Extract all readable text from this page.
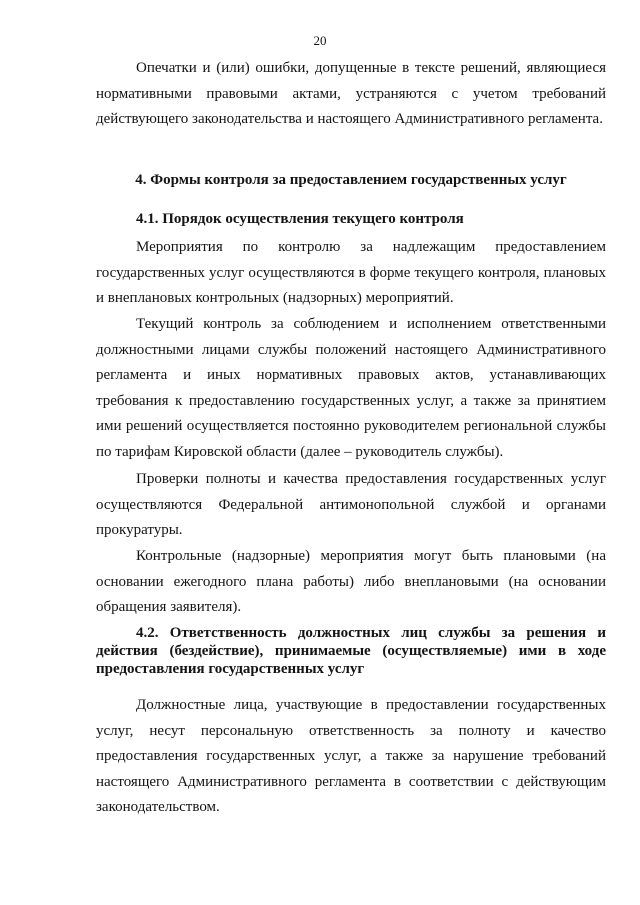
20

Опечатки и (или) ошибки, допущенные в тексте решений, являющиеся нормативными правовыми актами, устраняются с учетом требований действующего законодательства и настоящего Административного регламента.

4. Формы контроля за предоставлением государственных услуг
4.1. Порядок осуществления текущего контроля

Мероприятия по контролю за надлежащим предоставлением государственных услуг осуществляются в форме текущего контроля, плановых и внеплановых контрольных (надзорных) мероприятий.

Текущий контроль за соблюдением и исполнением ответственными должностными лицами службы положений настоящего Административного регламента и иных нормативных правовых актов, устанавливающих требования к предоставлению государственных услуг, а также за принятием ими решений осуществляется постоянно руководителем региональной службы по тарифам Кировской области (далее – руководитель службы).

Проверки полноты и качества предоставления государственных услуг осуществляются Федеральной антимонопольной службой и органами прокуратуры.

Контрольные (надзорные) мероприятия могут быть плановыми (на основании ежегодного плана работы) либо внеплановыми (на основании обращения заявителя).

4.2. Ответственность должностных лиц службы за решения и действия (бездействие), принимаемые (осуществляемые) ими в ходе предоставления государственных услуг

Должностные лица, участвующие в предоставлении государственных услуг, несут персональную ответственность за полноту и качество предоставления государственных услуг, а также за нарушение требований настоящего Административного регламента в соответствии с действующим законодательством.
